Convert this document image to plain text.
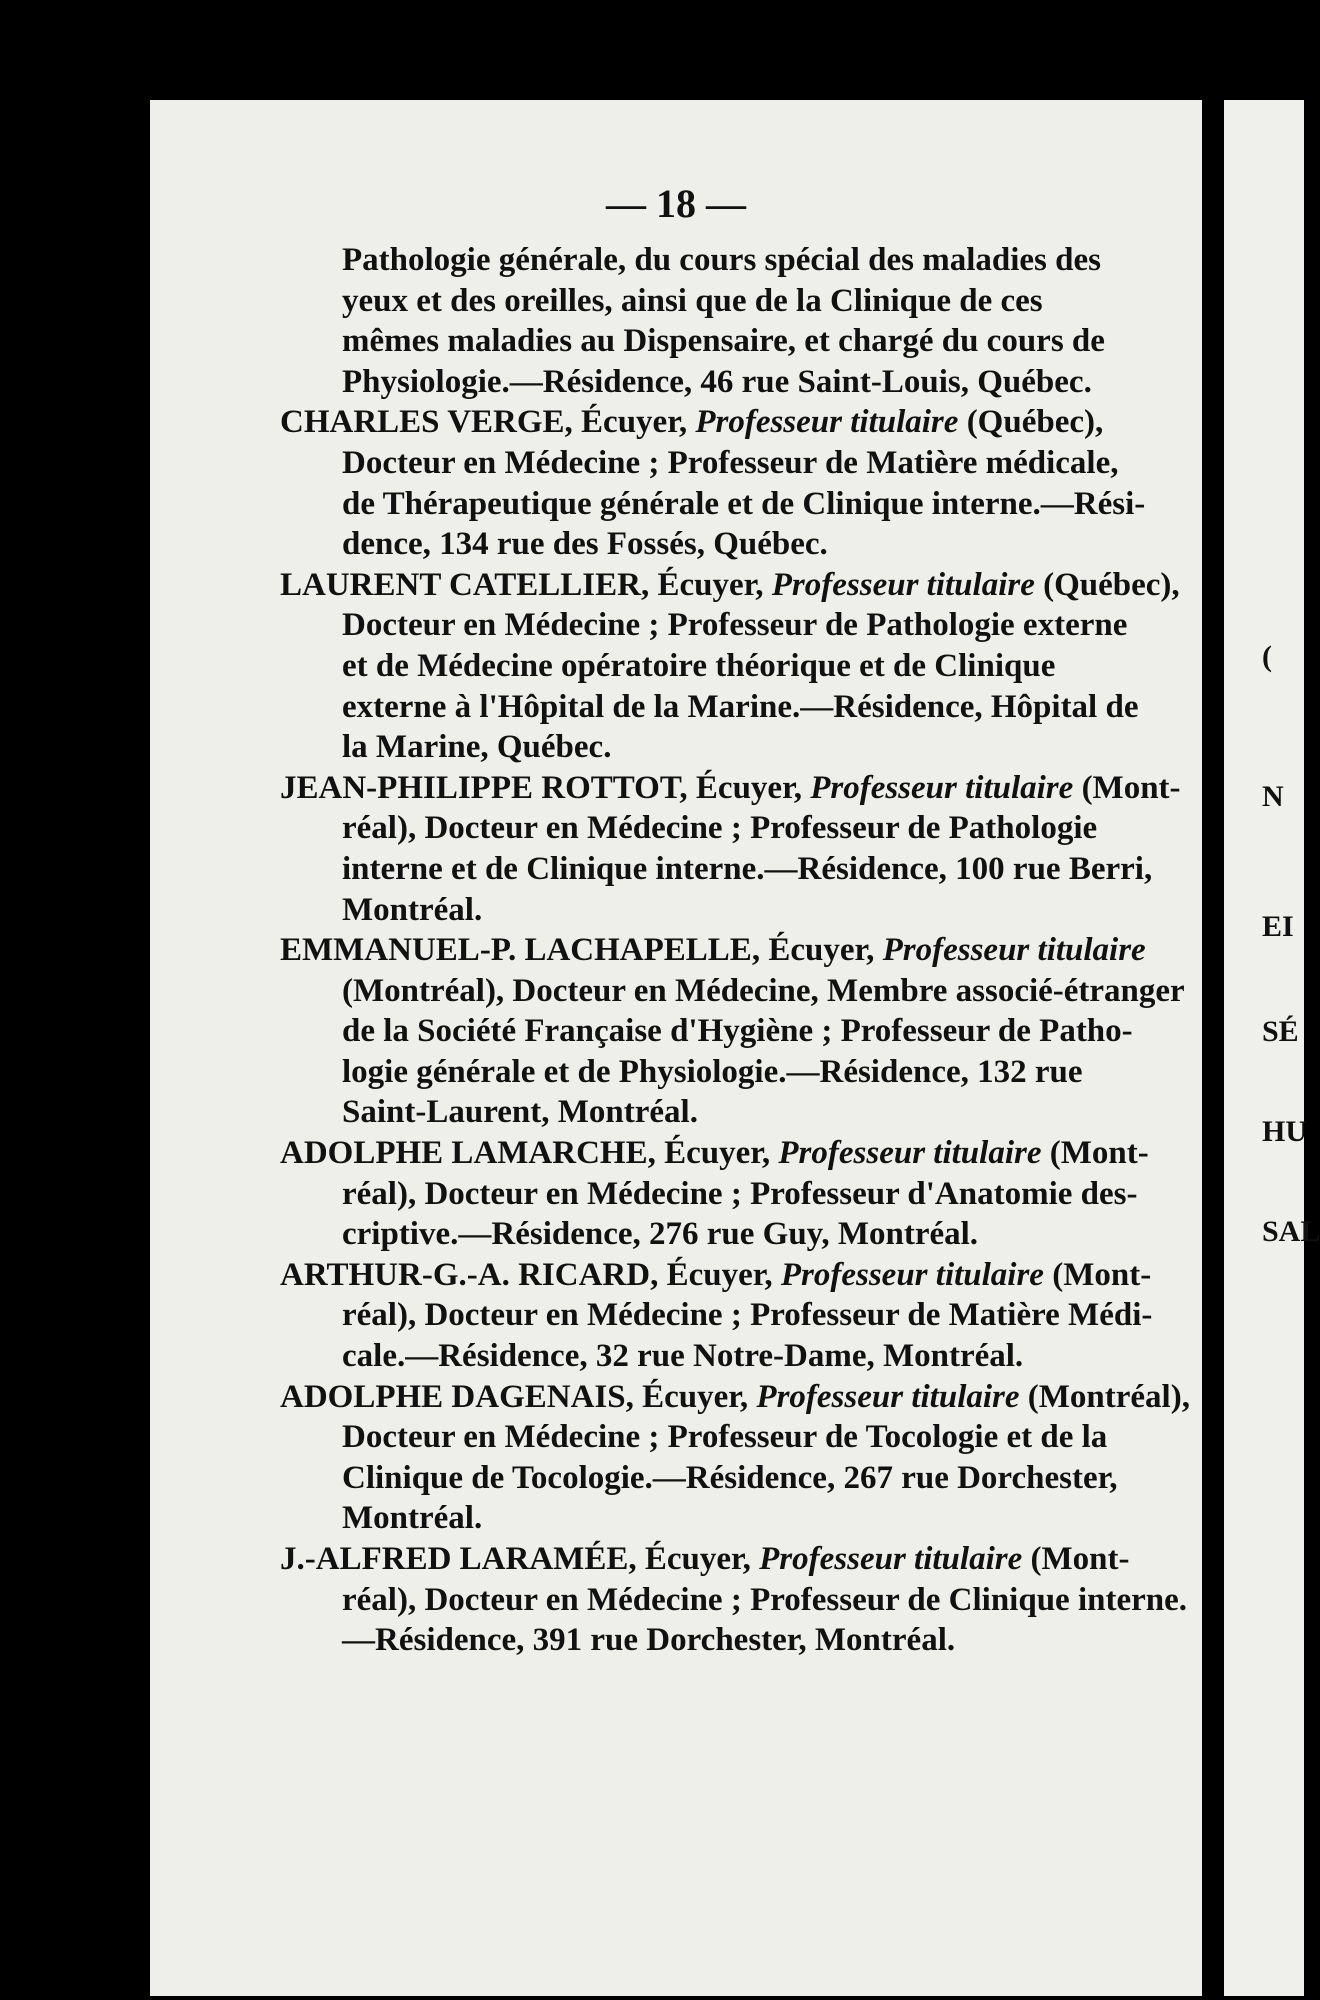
— 18 —
Pathologie générale, du cours spécial des maladies des
yeux et des oreilles, ainsi que de la Clinique de ces
mêmes maladies au Dispensaire, et chargé du cours de
Physiologie.—Résidence, 46 rue Saint-Louis, Québec.
CHARLES VERGE, Écuyer, Professeur titulaire (Québec),
Docteur en Médecine ; Professeur de Matière médicale,
de Thérapeutique générale et de Clinique interne.—Rési-
dence, 134 rue des Fossés, Québec.
LAURENT CATELLIER, Écuyer, Professeur titulaire (Québec),
Docteur en Médecine ; Professeur de Pathologie externe
et de Médecine opératoire théorique et de Clinique
externe à l'Hôpital de la Marine.—Résidence, Hôpital de
la Marine, Québec.
JEAN-PHILIPPE ROTTOT, Écuyer, Professeur titulaire (Mont-
réal), Docteur en Médecine ; Professeur de Pathologie
interne et de Clinique interne.—Résidence, 100 rue Berri,
Montréal.
EMMANUEL-P. LACHAPELLE, Écuyer, Professeur titulaire
(Montréal), Docteur en Médecine, Membre associé-étranger
de la Société Française d'Hygiène ; Professeur de Patho-
logie générale et de Physiologie.—Résidence, 132 rue
Saint-Laurent, Montréal.
ADOLPHE LAMARCHE, Écuyer, Professeur titulaire (Mont-
réal), Docteur en Médecine ; Professeur d'Anatomie des-
criptive.—Résidence, 276 rue Guy, Montréal.
ARTHUR-G.-A. RICARD, Écuyer, Professeur titulaire (Mont-
réal), Docteur en Médecine ; Professeur de Matière Médi-
cale.—Résidence, 32 rue Notre-Dame, Montréal.
ADOLPHE DAGENAIS, Écuyer, Professeur titulaire (Montréal),
Docteur en Médecine ; Professeur de Tocologie et de la
Clinique de Tocologie.—Résidence, 267 rue Dorchester,
Montréal.
J.-ALFRED LARAMÉE, Écuyer, Professeur titulaire (Mont-
réal), Docteur en Médecine ; Professeur de Clinique interne.
—Résidence, 391 rue Dorchester, Montréal.
(
N
EI
SÉ
HU
SAL
